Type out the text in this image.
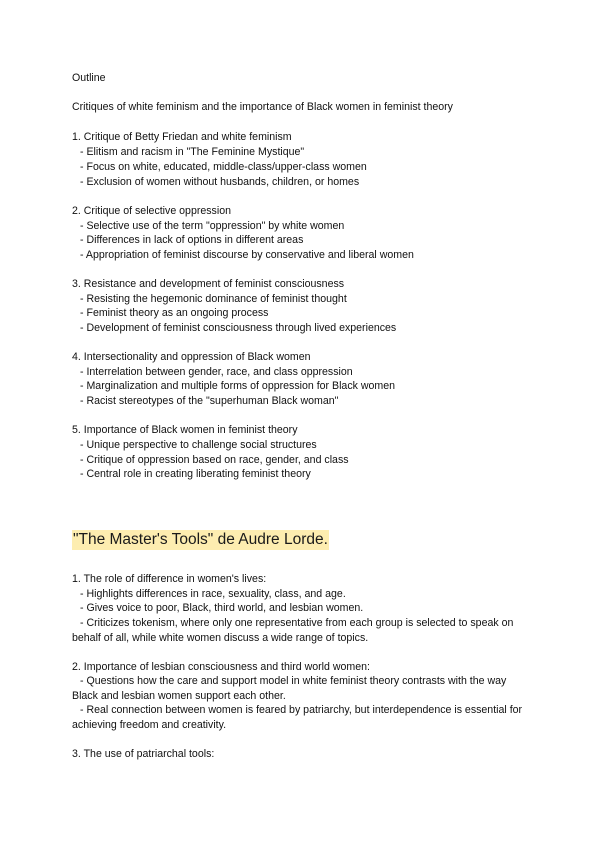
Outline
Critiques of white feminism and the importance of Black women in feminist theory
1. Critique of Betty Friedan and white feminism
- Elitism and racism in "The Feminine Mystique"
- Focus on white, educated, middle-class/upper-class women
- Exclusion of women without husbands, children, or homes
2. Critique of selective oppression
- Selective use of the term "oppression" by white women
- Differences in lack of options in different areas
- Appropriation of feminist discourse by conservative and liberal women
3. Resistance and development of feminist consciousness
- Resisting the hegemonic dominance of feminist thought
- Feminist theory as an ongoing process
- Development of feminist consciousness through lived experiences
4. Intersectionality and oppression of Black women
- Interrelation between gender, race, and class oppression
- Marginalization and multiple forms of oppression for Black women
- Racist stereotypes of the "superhuman Black woman"
5. Importance of Black women in feminist theory
- Unique perspective to challenge social structures
- Critique of oppression based on race, gender, and class
- Central role in creating liberating feminist theory
"The Master's Tools" de Audre Lorde.
1. The role of difference in women's lives:
- Highlights differences in race, sexuality, class, and age.
- Gives voice to poor, Black, third world, and lesbian women.
- Criticizes tokenism, where only one representative from each group is selected to speak on behalf of all, while white women discuss a wide range of topics.
2. Importance of lesbian consciousness and third world women:
- Questions how the care and support model in white feminist theory contrasts with the way Black and lesbian women support each other.
- Real connection between women is feared by patriarchy, but interdependence is essential for achieving freedom and creativity.
3. The use of patriarchal tools:
